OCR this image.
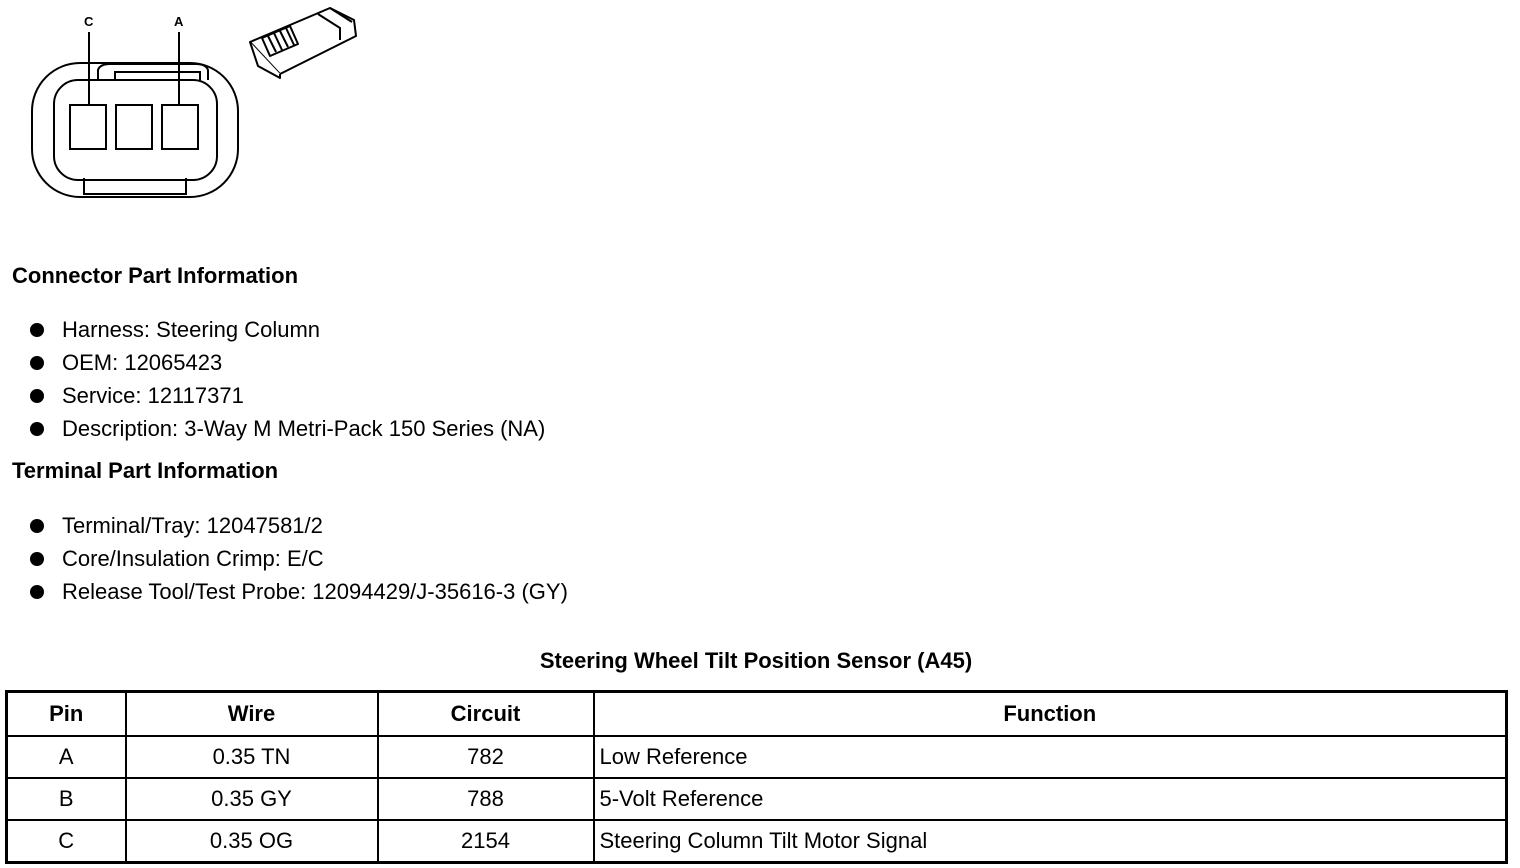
C	A
Connector Part Information
Harness: Steering Column
OEM: 12065423
Service: 12117371
Description: 3-Way M Metri-Pack 150 Series (NA)
Terminal Part Information
Terminal/Tray: 12047581/2
Core/Insulation Crimp: E/C
Release Tool/Test Probe: 12094429/J-35616-3 (GY)
Steering Wheel Tilt Position Sensor (A45)
Pin	Wire	Circuit	Function
A	0.35 TN	782	Low Reference
B	0.35 GY	788	5-Volt Reference
C	0.35 OG	2154	Steering Column Tilt Motor Signal
